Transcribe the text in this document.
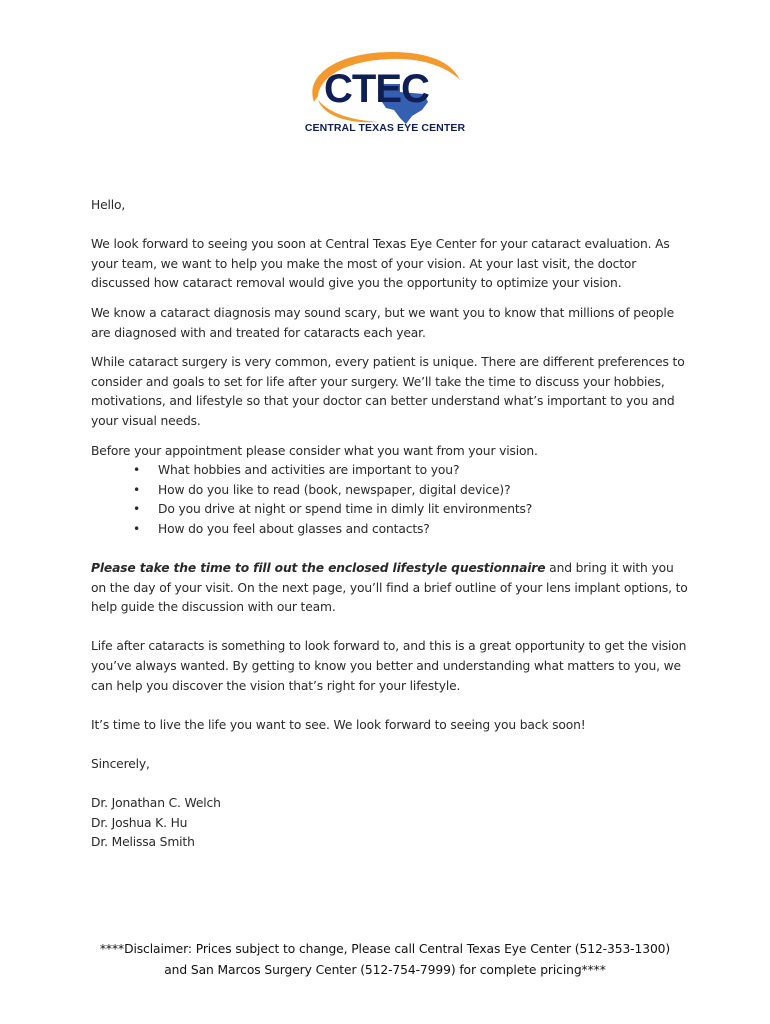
CTEC
CENTRAL TEXAS EYE CENTER

Hello,

We look forward to seeing you soon at Central Texas Eye Center for your cataract evaluation. As your team, we want to help you make the most of your vision. At your last visit, the doctor discussed how cataract removal would give you the opportunity to optimize your vision.

We know a cataract diagnosis may sound scary, but we want you to know that millions of people are diagnosed with and treated for cataracts each year.

While cataract surgery is very common, every patient is unique. There are different preferences to consider and goals to set for life after your surgery. We’ll take the time to discuss your hobbies, motivations, and lifestyle so that your doctor can better understand what’s important to you and your visual needs.

Before your appointment please consider what you want from your vision.

• What hobbies and activities are important to you?
• How do you like to read (book, newspaper, digital device)?
• Do you drive at night or spend time in dimly lit environments?
• How do you feel about glasses and contacts?

Please take the time to fill out the enclosed lifestyle questionnaire and bring it with you on the day of your visit. On the next page, you’ll find a brief outline of your lens implant options, to help guide the discussion with our team.

Life after cataracts is something to look forward to, and this is a great opportunity to get the vision you’ve always wanted. By getting to know you better and understanding what matters to you, we can help you discover the vision that’s right for your lifestyle.

It’s time to live the life you want to see. We look forward to seeing you back soon!

Sincerely,

Dr. Jonathan C. Welch

Dr. Joshua K. Hu

Dr. Melissa Smith

****Disclaimer: Prices subject to change, Please call Central Texas Eye Center (512-353-1300)
and San Marcos Surgery Center (512-754-7999) for complete pricing****
